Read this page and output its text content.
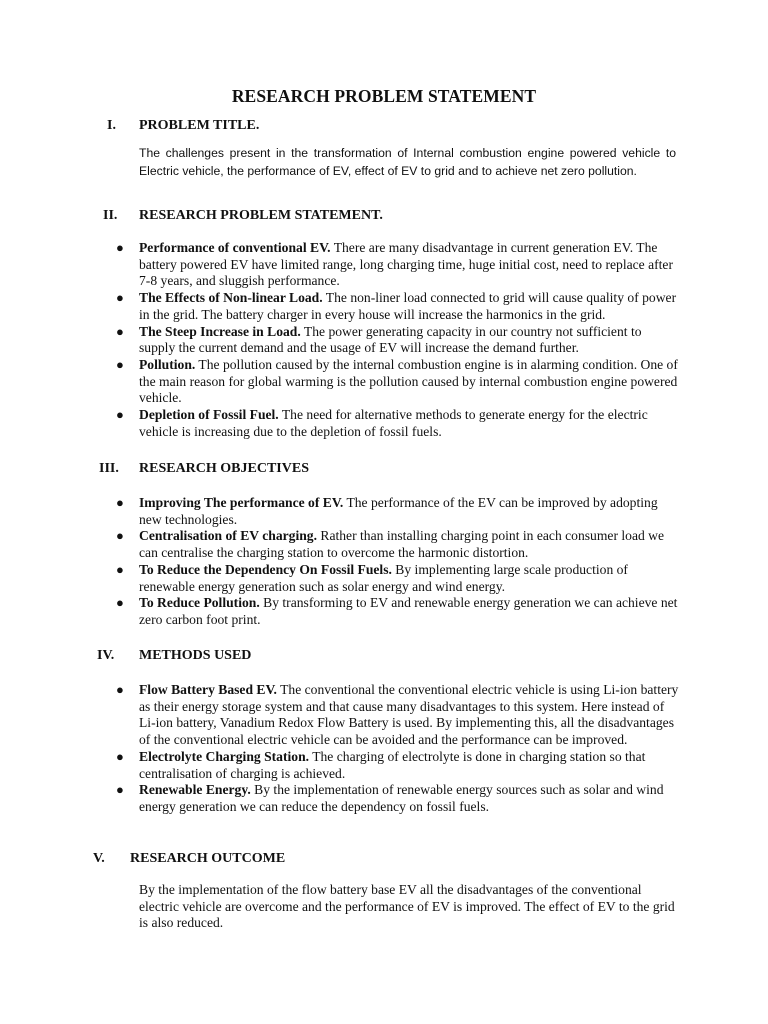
RESEARCH PROBLEM STATEMENT
I. PROBLEM TITLE.
The challenges present in the transformation of Internal combustion engine powered vehicle to Electric vehicle, the performance of EV, effect of EV to grid and to achieve net zero pollution.
II. RESEARCH PROBLEM STATEMENT.
● Performance of conventional EV. There are many disadvantage in current generation EV. The battery powered EV have limited range, long charging time, huge initial cost, need to replace after 7-8 years, and sluggish performance.
● The Effects of Non-linear Load. The non-liner load connected to grid will cause quality of power in the grid. The battery charger in every house will increase the harmonics in the grid.
● The Steep Increase in Load. The power generating capacity in our country not sufficient to supply the current demand and the usage of EV will increase the demand further.
● Pollution. The pollution caused by the internal combustion engine is in alarming condition. One of the main reason for global warming is the pollution caused by internal combustion engine powered vehicle.
● Depletion of Fossil Fuel. The need for alternative methods to generate energy for the electric vehicle is increasing due to the depletion of fossil fuels.
III. RESEARCH OBJECTIVES
● Improving The performance of EV. The performance of the EV can be improved by adopting new technologies.
● Centralisation of EV charging. Rather than installing charging point in each consumer load we can centralise the charging station to overcome the harmonic distortion.
● To Reduce the Dependency On Fossil Fuels. By implementing large scale production of renewable energy generation such as solar energy and wind energy.
● To Reduce Pollution. By transforming to EV and renewable energy generation we can achieve net zero carbon foot print.
IV. METHODS USED
● Flow Battery Based EV. The conventional the conventional electric vehicle is using Li-ion battery as their energy storage system and that cause many disadvantages to this system. Here instead of Li-ion battery, Vanadium Redox Flow Battery is used. By implementing this, all the disadvantages of the conventional electric vehicle can be avoided and the performance can be improved.
● Electrolyte Charging Station. The charging of electrolyte is done in charging station so that centralisation of charging is achieved.
● Renewable Energy. By the implementation of renewable energy sources such as solar and wind energy generation we can reduce the dependency on fossil fuels.
V. RESEARCH OUTCOME
By the implementation of the flow battery base EV all the disadvantages of the conventional electric vehicle are overcome and the performance of EV is improved. The effect of EV to the grid is also reduced.
